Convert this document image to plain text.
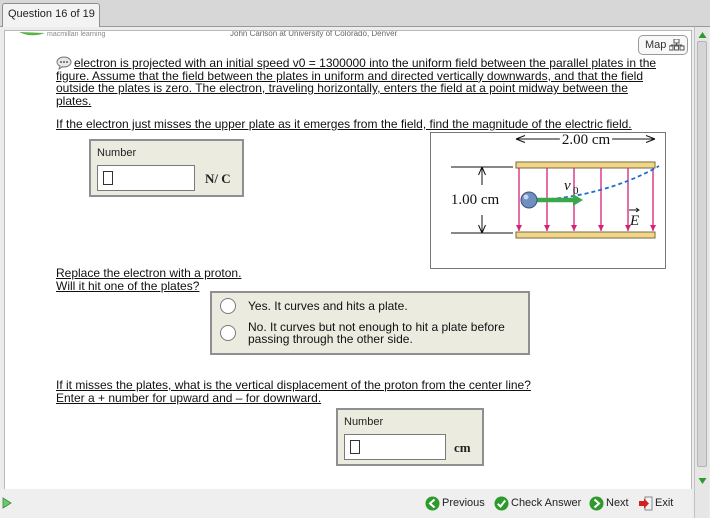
Question 16 of 19
macmillan learning	John Carlson at University of Colorado, Denver
Map
electron is projected with an initial speed v0 = 1300000 into the uniform field between the parallel plates in the figure. Assume that the field between the plates in uniform and directed vertically downwards, and that the field outside the plates is zero. The electron, traveling horizontally, enters the field at a point midway between the plates.
If the electron just misses the upper plate as it emerges from the field, find the magnitude of the electric field.
Number
N/ C
2.00 cm
1.00 cm
v 0
E
Replace the electron with a proton.
Will it hit one of the plates?
Yes. It curves and hits a plate.
No. It curves but not enough to hit a plate before passing through the other side.
If it misses the plates, what is the vertical displacement of the proton from the center line?
Enter a + number for upward and – for downward.
Number
cm
Previous Check Answer Next Exit
